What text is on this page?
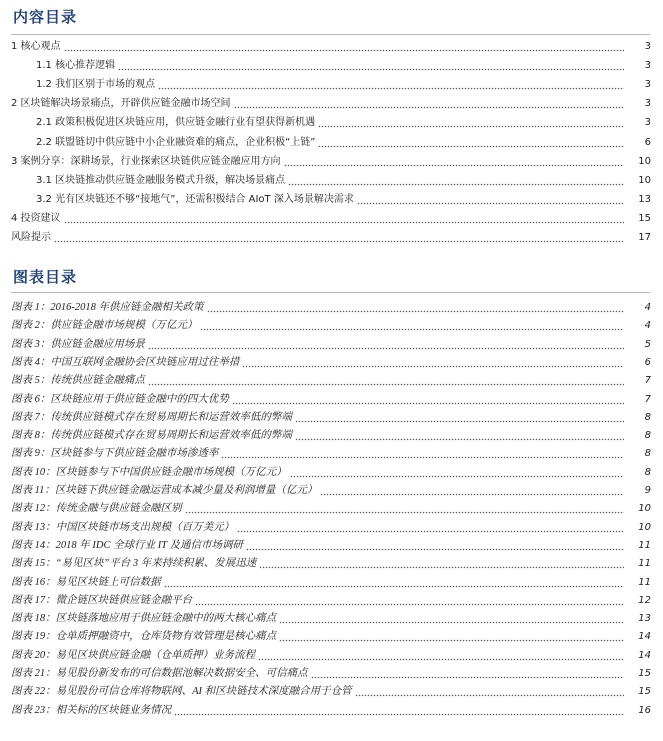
内容目录
1 核心观点	3
1.1 核心推荐逻辑	3
1.2 我们区别于市场的观点	3
2 区块链解决场景痛点，开辟供应链金融市场空间	3
2.1 政策积极促进区块链应用，供应链金融行业有望获得新机遇	3
2.2 联盟链切中供应链中小企业融资难的痛点，企业积极“上链”	6
3 案例分享：深耕场景，行业探索区块链供应链金融应用方向	10
3.1 区块链推动供应链金融服务模式升级，解决场景痛点	10
3.2 光有区块链还不够“接地气”，还需积极结合 AIoT 深入场景解决需求	13
4 投资建议	15
风险提示	17
图表目录
图表 1：2016-2018 年供应链金融相关政策	4
图表 2：供应链金融市场规模（万亿元）	4
图表 3：供应链金融应用场景	5
图表 4：中国互联网金融协会区块链应用过往举措	6
图表 5：传统供应链金融痛点	7
图表 6：区块链应用于供应链金融中的四大优势	7
图表 7：传统供应链模式存在贸易周期长和运营效率低的弊端	8
图表 8：传统供应链模式存在贸易周期长和运营效率低的弊端	8
图表 9：区块链参与下供应链金融市场渗透率	8
图表 10：区块链参与下中国供应链金融市场规模（万亿元）	8
图表 11：区块链下供应链金融运营成本减少量及利润增量（亿元）	9
图表 12：传统金融与供应链金融区别	10
图表 13：中国区块链市场支出规模（百万美元）	10
图表 14：2018 年 IDC 全球行业 IT 及通信市场调研	11
图表 15：“易见区块”平台 3 年来持续积累、发展迅速	11
图表 16：易见区块链上可信数据	11
图表 17：微企链区块链供应链金融平台	12
图表 18：区块链落地应用于供应链金融中的两大核心痛点	13
图表 19：仓单质押融资中，仓库货物有效管理是核心痛点	14
图表 20：易见区块供应链金融（仓单质押）业务流程	14
图表 21：易见股份新发布的可信数据池解决数据安全、可信痛点	15
图表 22：易见股份可信仓库将物联网、AI 和区块链技术深度融合用于仓管	15
图表 23：相关标的区块链业务情况	16
